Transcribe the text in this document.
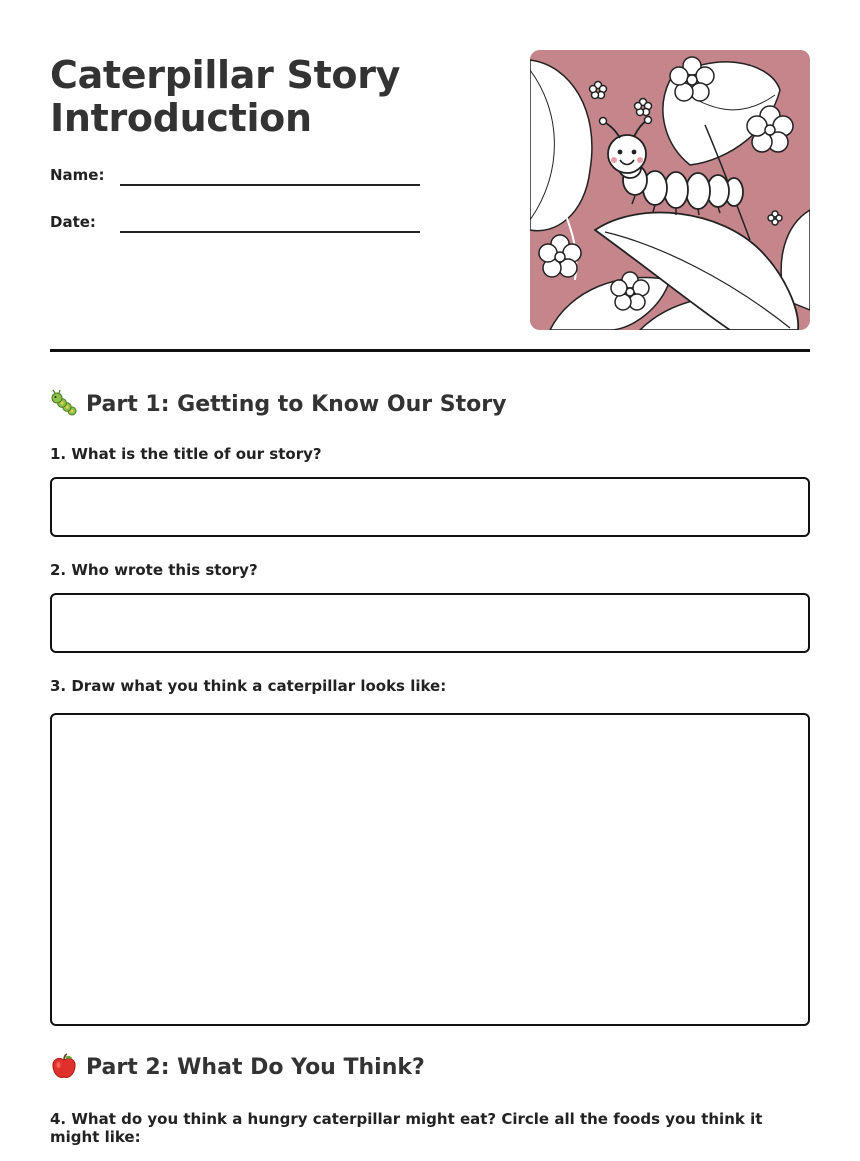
Caterpillar Story
Introduction
Name:
Date:
Part 1: Getting to Know Our Story
1. What is the title of our story?
2. Who wrote this story?
3. Draw what you think a caterpillar looks like:
Part 2: What Do You Think?
4. What do you think a hungry caterpillar might eat? Circle all the foods you think it might like:
